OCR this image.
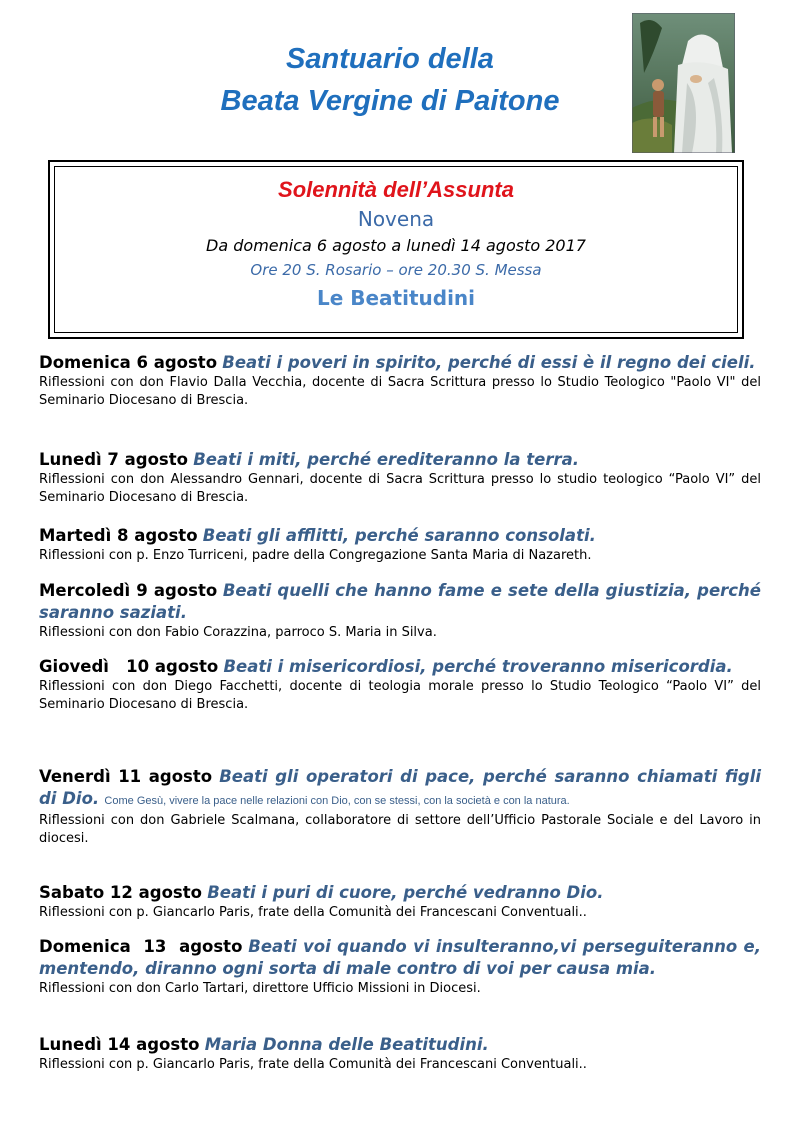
Santuario della
Beata Vergine di Paitone
Solennità dell’Assunta
Novena
Da domenica 6 agosto a lunedì 14 agosto 2017
Ore 20 S. Rosario – ore 20.30 S. Messa
Le Beatitudini
Domenica 6 agosto Beati i poveri in spirito, perché di essi è il regno dei cieli.
Riflessioni con don Flavio Dalla Vecchia, docente di Sacra Scrittura presso lo Studio Teologico "Paolo VI" del Seminario Diocesano di Brescia.
Lunedì 7 agosto Beati i miti, perché erediteranno la terra.
Riflessioni con don Alessandro Gennari, docente di Sacra Scrittura presso lo studio teologico “Paolo VI” del Seminario Diocesano di Brescia.
Martedì 8 agosto Beati gli afflitti, perché saranno consolati.
Riflessioni con p. Enzo Turriceni, padre della Congregazione Santa Maria di Nazareth.
Mercoledì 9 agosto Beati quelli che hanno fame e sete della giustizia, perché saranno saziati.
Riflessioni con don Fabio Corazzina, parroco S. Maria in Silva.
Giovedì   10 agosto Beati i misericordiosi, perché troveranno misericordia.
Riflessioni con don Diego Facchetti, docente di teologia morale presso lo Studio Teologico “Paolo VI” del Seminario Diocesano di Brescia.
Venerdì 11 agosto Beati gli operatori di pace, perché saranno chiamati figli di Dio. Come Gesù, vivere la pace nelle relazioni con Dio, con se stessi, con la società e con la natura.
Riflessioni con don Gabriele Scalmana, collaboratore di settore dell’Ufficio Pastorale Sociale e del Lavoro in diocesi.
Sabato 12 agosto Beati i puri di cuore, perché vedranno Dio.
Riflessioni con p. Giancarlo Paris, frate della Comunità dei Francescani Conventuali..
Domenica  13  agosto Beati voi quando vi insulteranno,vi perseguiteranno e, mentendo, diranno ogni sorta di male contro di voi per causa mia.
Riflessioni con don Carlo Tartari, direttore Ufficio Missioni in Diocesi.
Lunedì 14 agosto Maria Donna delle Beatitudini.
Riflessioni con p. Giancarlo Paris, frate della Comunità dei Francescani Conventuali..
